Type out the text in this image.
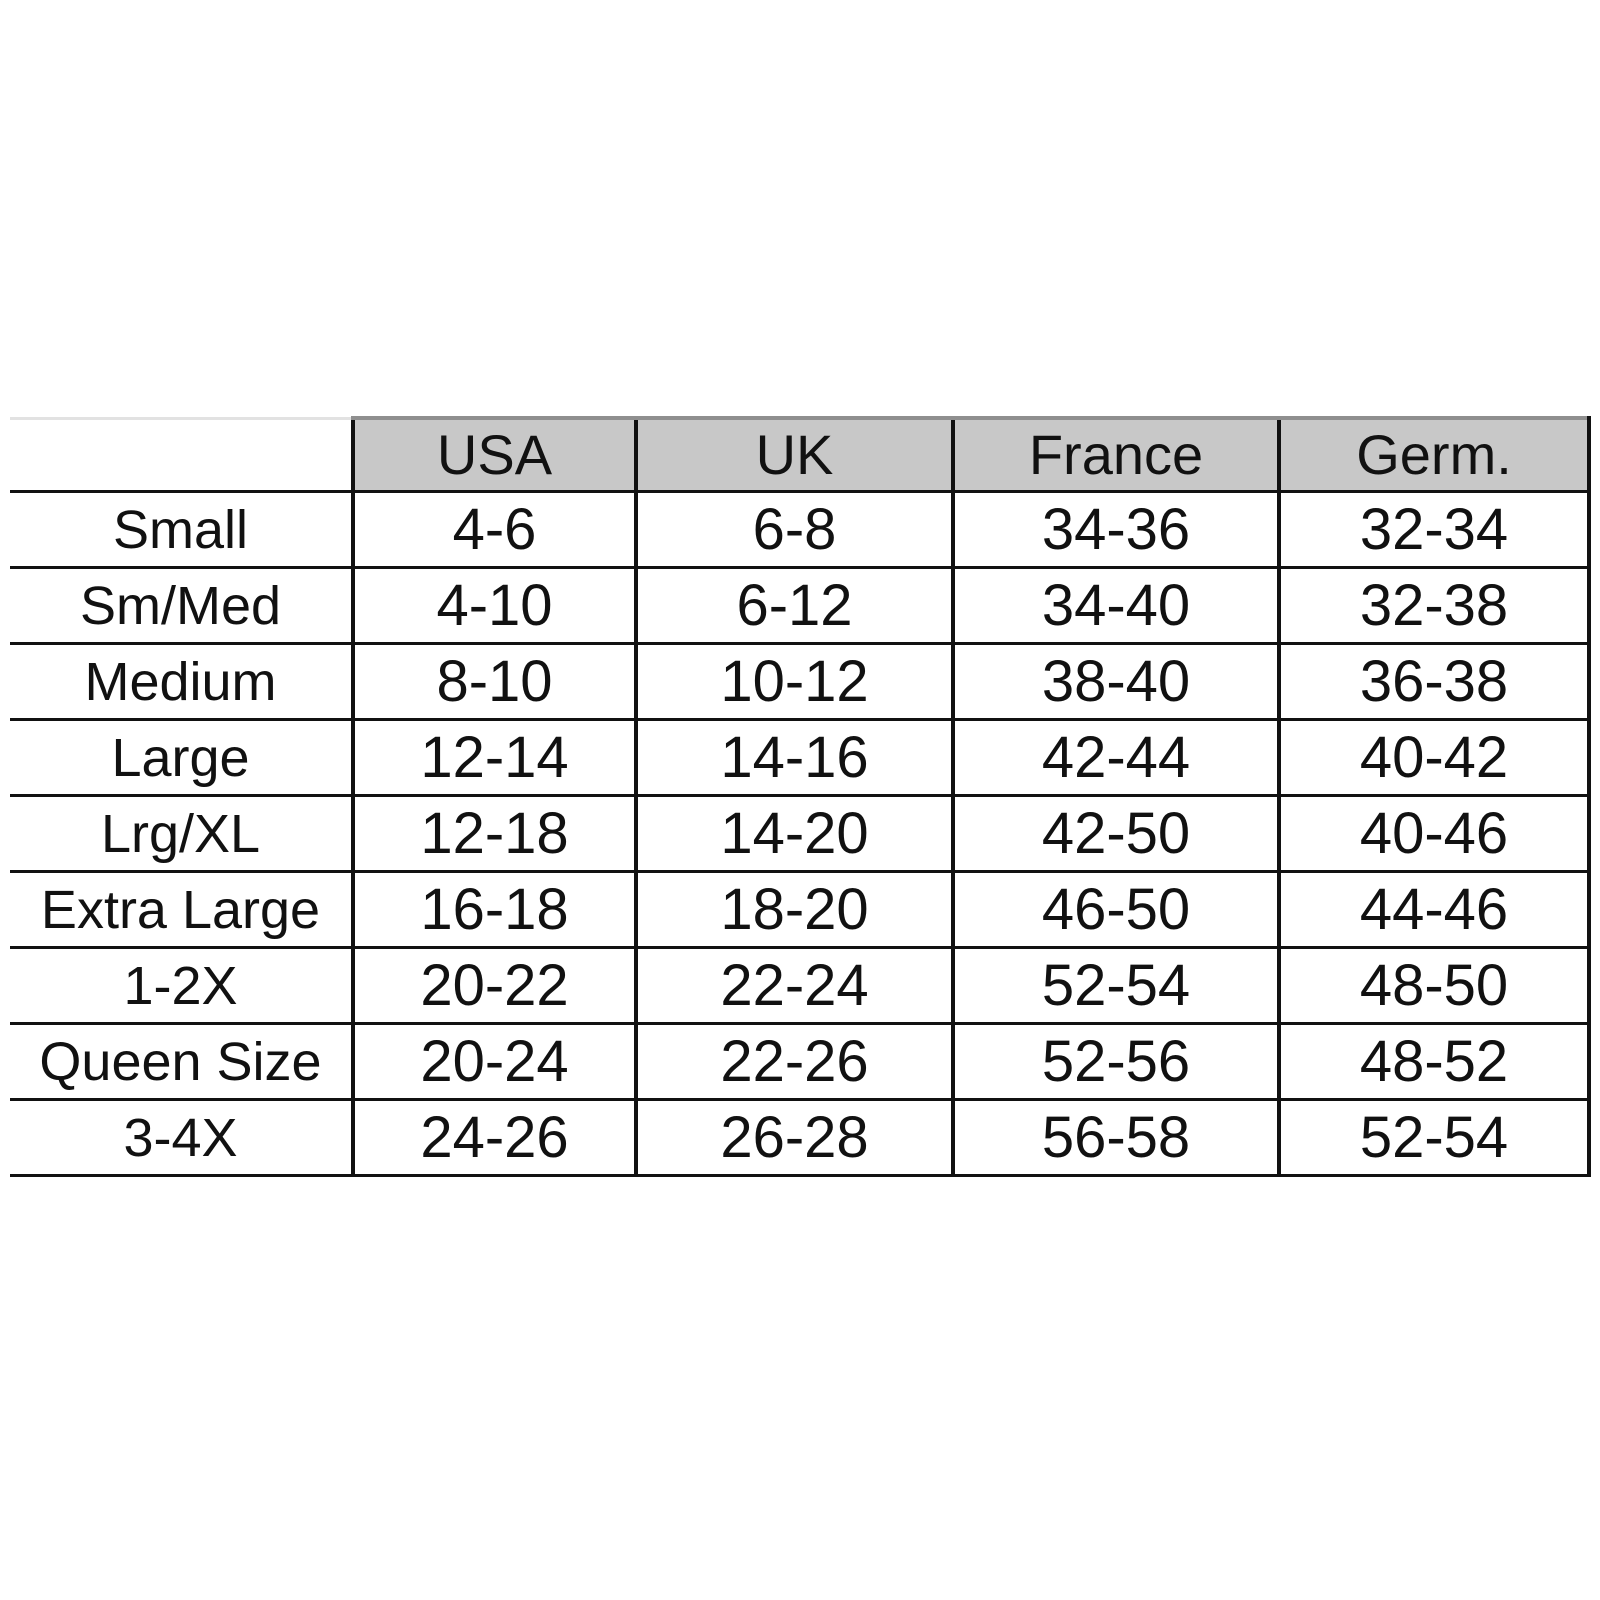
	USA	UK	France	Germ.
Small	4-6	6-8	34-36	32-34
Sm/Med	4-10	6-12	34-40	32-38
Medium	8-10	10-12	38-40	36-38
Large	12-14	14-16	42-44	40-42
Lrg/XL	12-18	14-20	42-50	40-46
Extra Large	16-18	18-20	46-50	44-46
1-2X	20-22	22-24	52-54	48-50
Queen Size	20-24	22-26	52-56	48-52
3-4X	24-26	26-28	56-58	52-54
